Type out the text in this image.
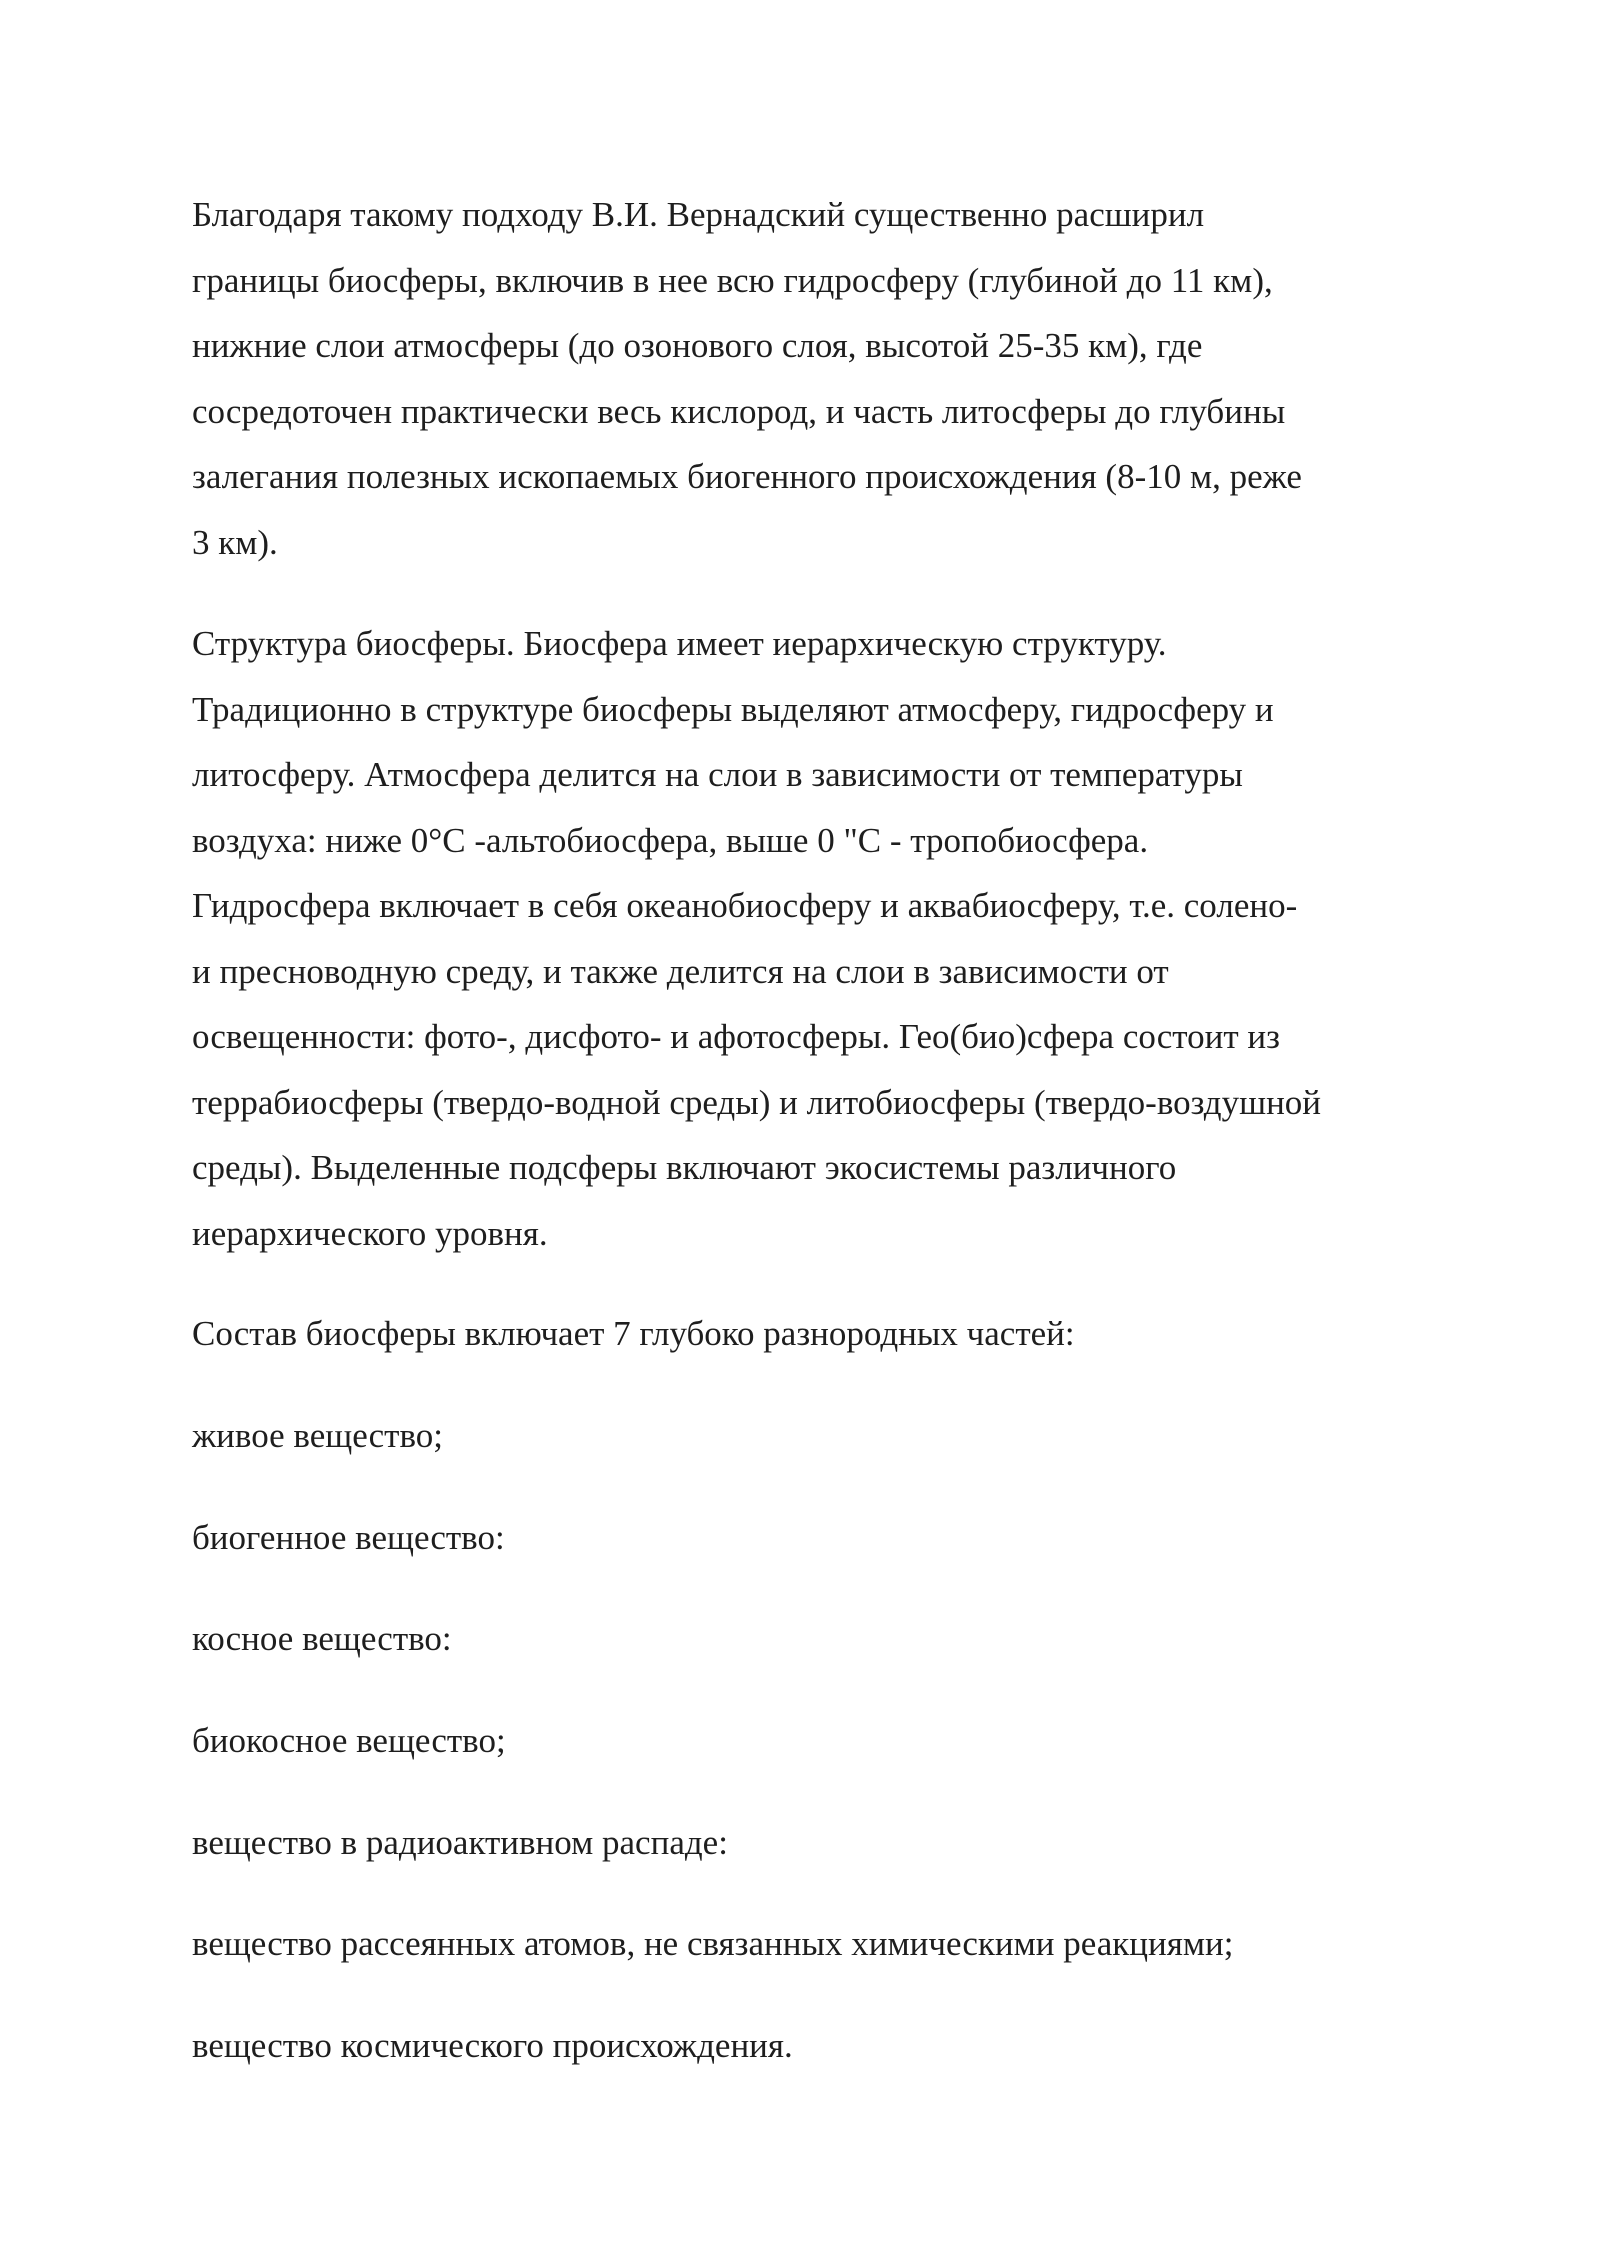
Благодаря такому подходу В.И. Вернадский существенно расширил
границы биосферы, включив в нее всю гидросферу (глубиной до 11 км),
нижние слои атмосферы (до озонового слоя, высотой 25-35 км), где
сосредоточен практически весь кислород, и часть литосферы до глубины
залегания полезных ископаемых биогенного происхождения (8-10 м, реже
3 км).

Структура биосферы. Биосфера имеет иерархическую структуру.
Традиционно в структуре биосферы выделяют атмосферу, гидросферу и
литосферу. Атмосфера делится на слои в зависимости от температуры
воздуха: ниже 0°С -альтобиосфера, выше 0 "С - тропобиосфера.
Гидросфера включает в себя океанобиосферу и аквабиосферу, т.е. солено-
и пресноводную среду, и также делится на слои в зависимости от
освещенности: фото-, дисфото- и афотосферы. Гео(био)сфера состоит из
террабиосферы (твердо-водной среды) и литобиосферы (твердо-воздушной
среды). Выделенные подсферы включают экосистемы различного
иерархического уровня.

Состав биосферы включает 7 глубоко разнородных частей:

живое вещество;

биогенное вещество:

косное вещество:

биокосное вещество;

вещество в радиоактивном распаде:

вещество рассеянных атомов, не связанных химическими реакциями;

вещество космического происхождения.
